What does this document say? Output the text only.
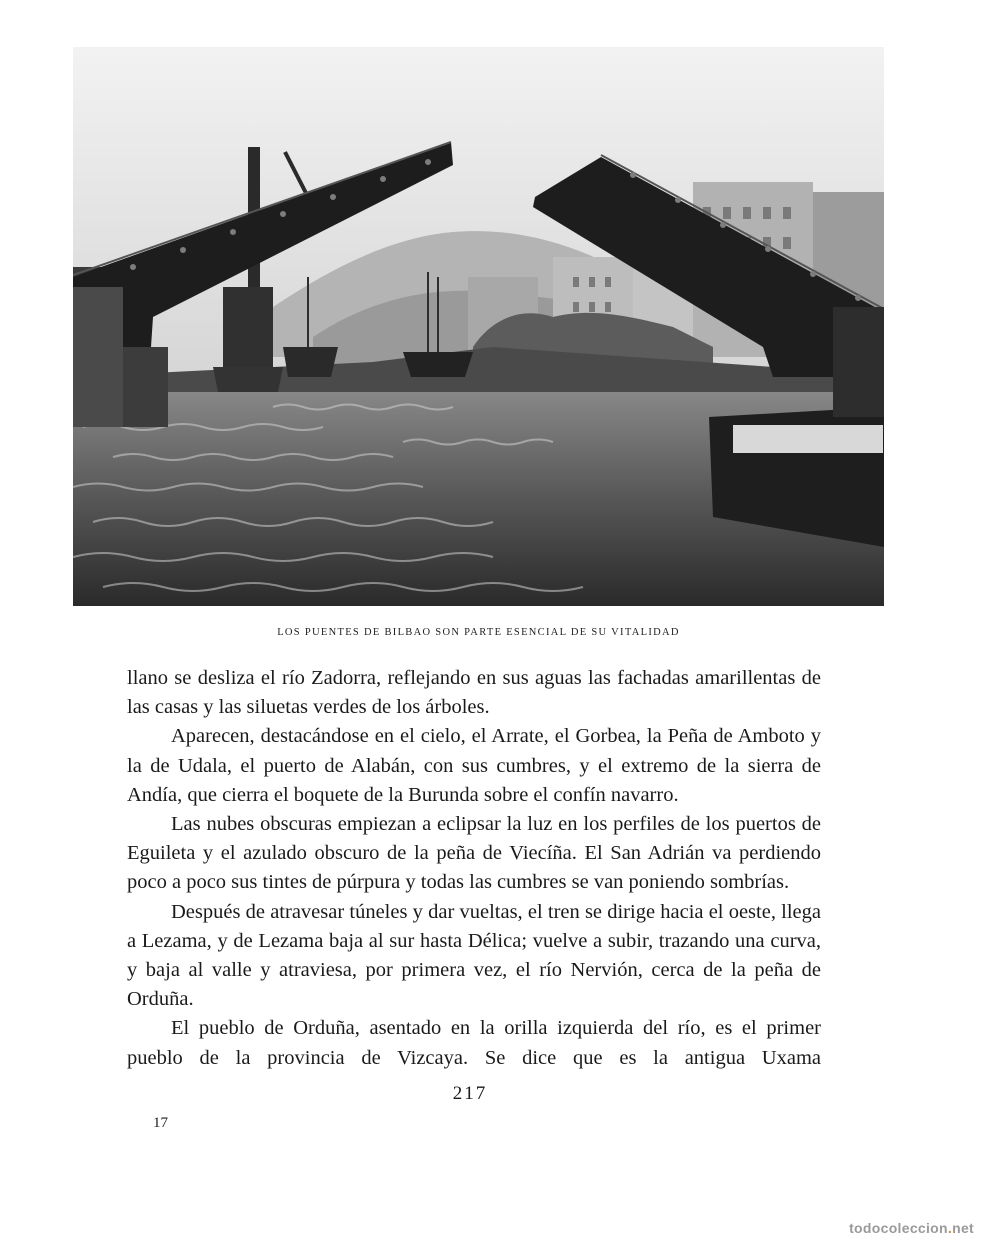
LOS PUENTES DE BILBAO SON PARTE ESENCIAL DE SU VITALIDAD

llano se desliza el río Zadorra, reflejando en sus aguas las fachadas amarillentas de las casas y las siluetas verdes de los árboles.

Aparecen, destacándose en el cielo, el Arrate, el Gorbea, la Peña de Amboto y la de Udala, el puerto de Alabán, con sus cumbres, y el extremo de la sierra de Andía, que cierra el boquete de la Burunda sobre el confín navarro.

Las nubes obscuras empiezan a eclipsar la luz en los perfiles de los puertos de Eguileta y el azulado obscuro de la peña de Viecíña. El San Adrián va perdiendo poco a poco sus tintes de púrpura y todas las cumbres se van poniendo sombrías.

Después de atravesar túneles y dar vueltas, el tren se dirige hacia el oeste, llega a Lezama, y de Lezama baja al sur hasta Délica; vuelve a subir, trazando una curva, y baja al valle y atraviesa, por primera vez, el río Nervión, cerca de la peña de Orduña.

El pueblo de Orduña, asentado en la orilla izquierda del río, es el primer pueblo de la provincia de Vizcaya. Se dice que es la antigua Uxama

217
17
todocoleccion.net
